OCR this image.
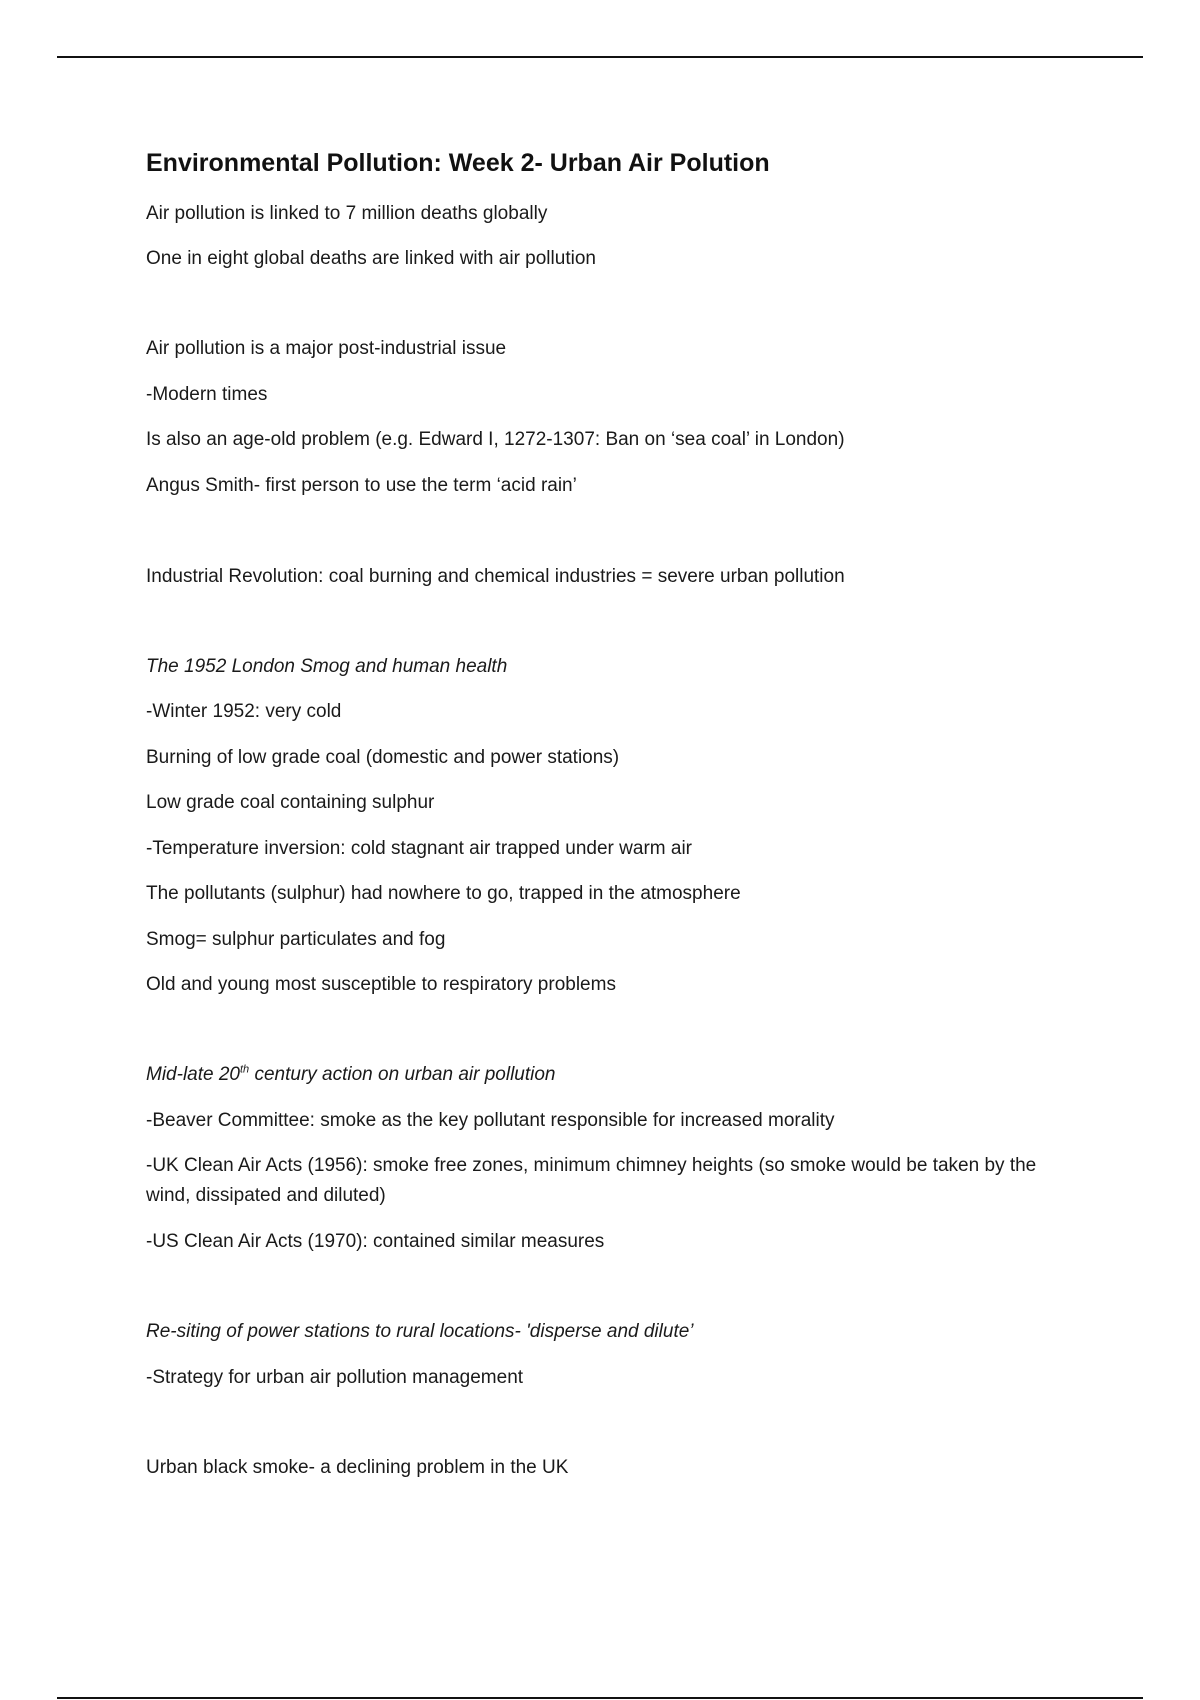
Environmental Pollution: Week 2- Urban Air Polution
Air pollution is linked to 7 million deaths globally
One in eight global deaths are linked with air pollution
Air pollution is a major post-industrial issue
-Modern times
Is also an age-old problem (e.g. Edward I, 1272-1307: Ban on ‘sea coal’ in London)
Angus Smith- first person to use the term ‘acid rain’
Industrial Revolution: coal burning and chemical industries = severe urban pollution
The 1952 London Smog and human health
-Winter 1952: very cold
Burning of low grade coal (domestic and power stations)
Low grade coal containing sulphur
-Temperature inversion: cold stagnant air trapped under warm air
The pollutants (sulphur) had nowhere to go, trapped in the atmosphere
Smog= sulphur particulates and fog
Old and young most susceptible to respiratory problems
Mid-late 20th century action on urban air pollution
-Beaver Committee: smoke as the key pollutant responsible for increased morality
-UK Clean Air Acts (1956): smoke free zones, minimum chimney heights (so smoke would be taken by the wind, dissipated and diluted)
-US Clean Air Acts (1970): contained similar measures
Re-siting of power stations to rural locations- 'disperse and dilute’
-Strategy for urban air pollution management
Urban black smoke- a declining problem in the UK
